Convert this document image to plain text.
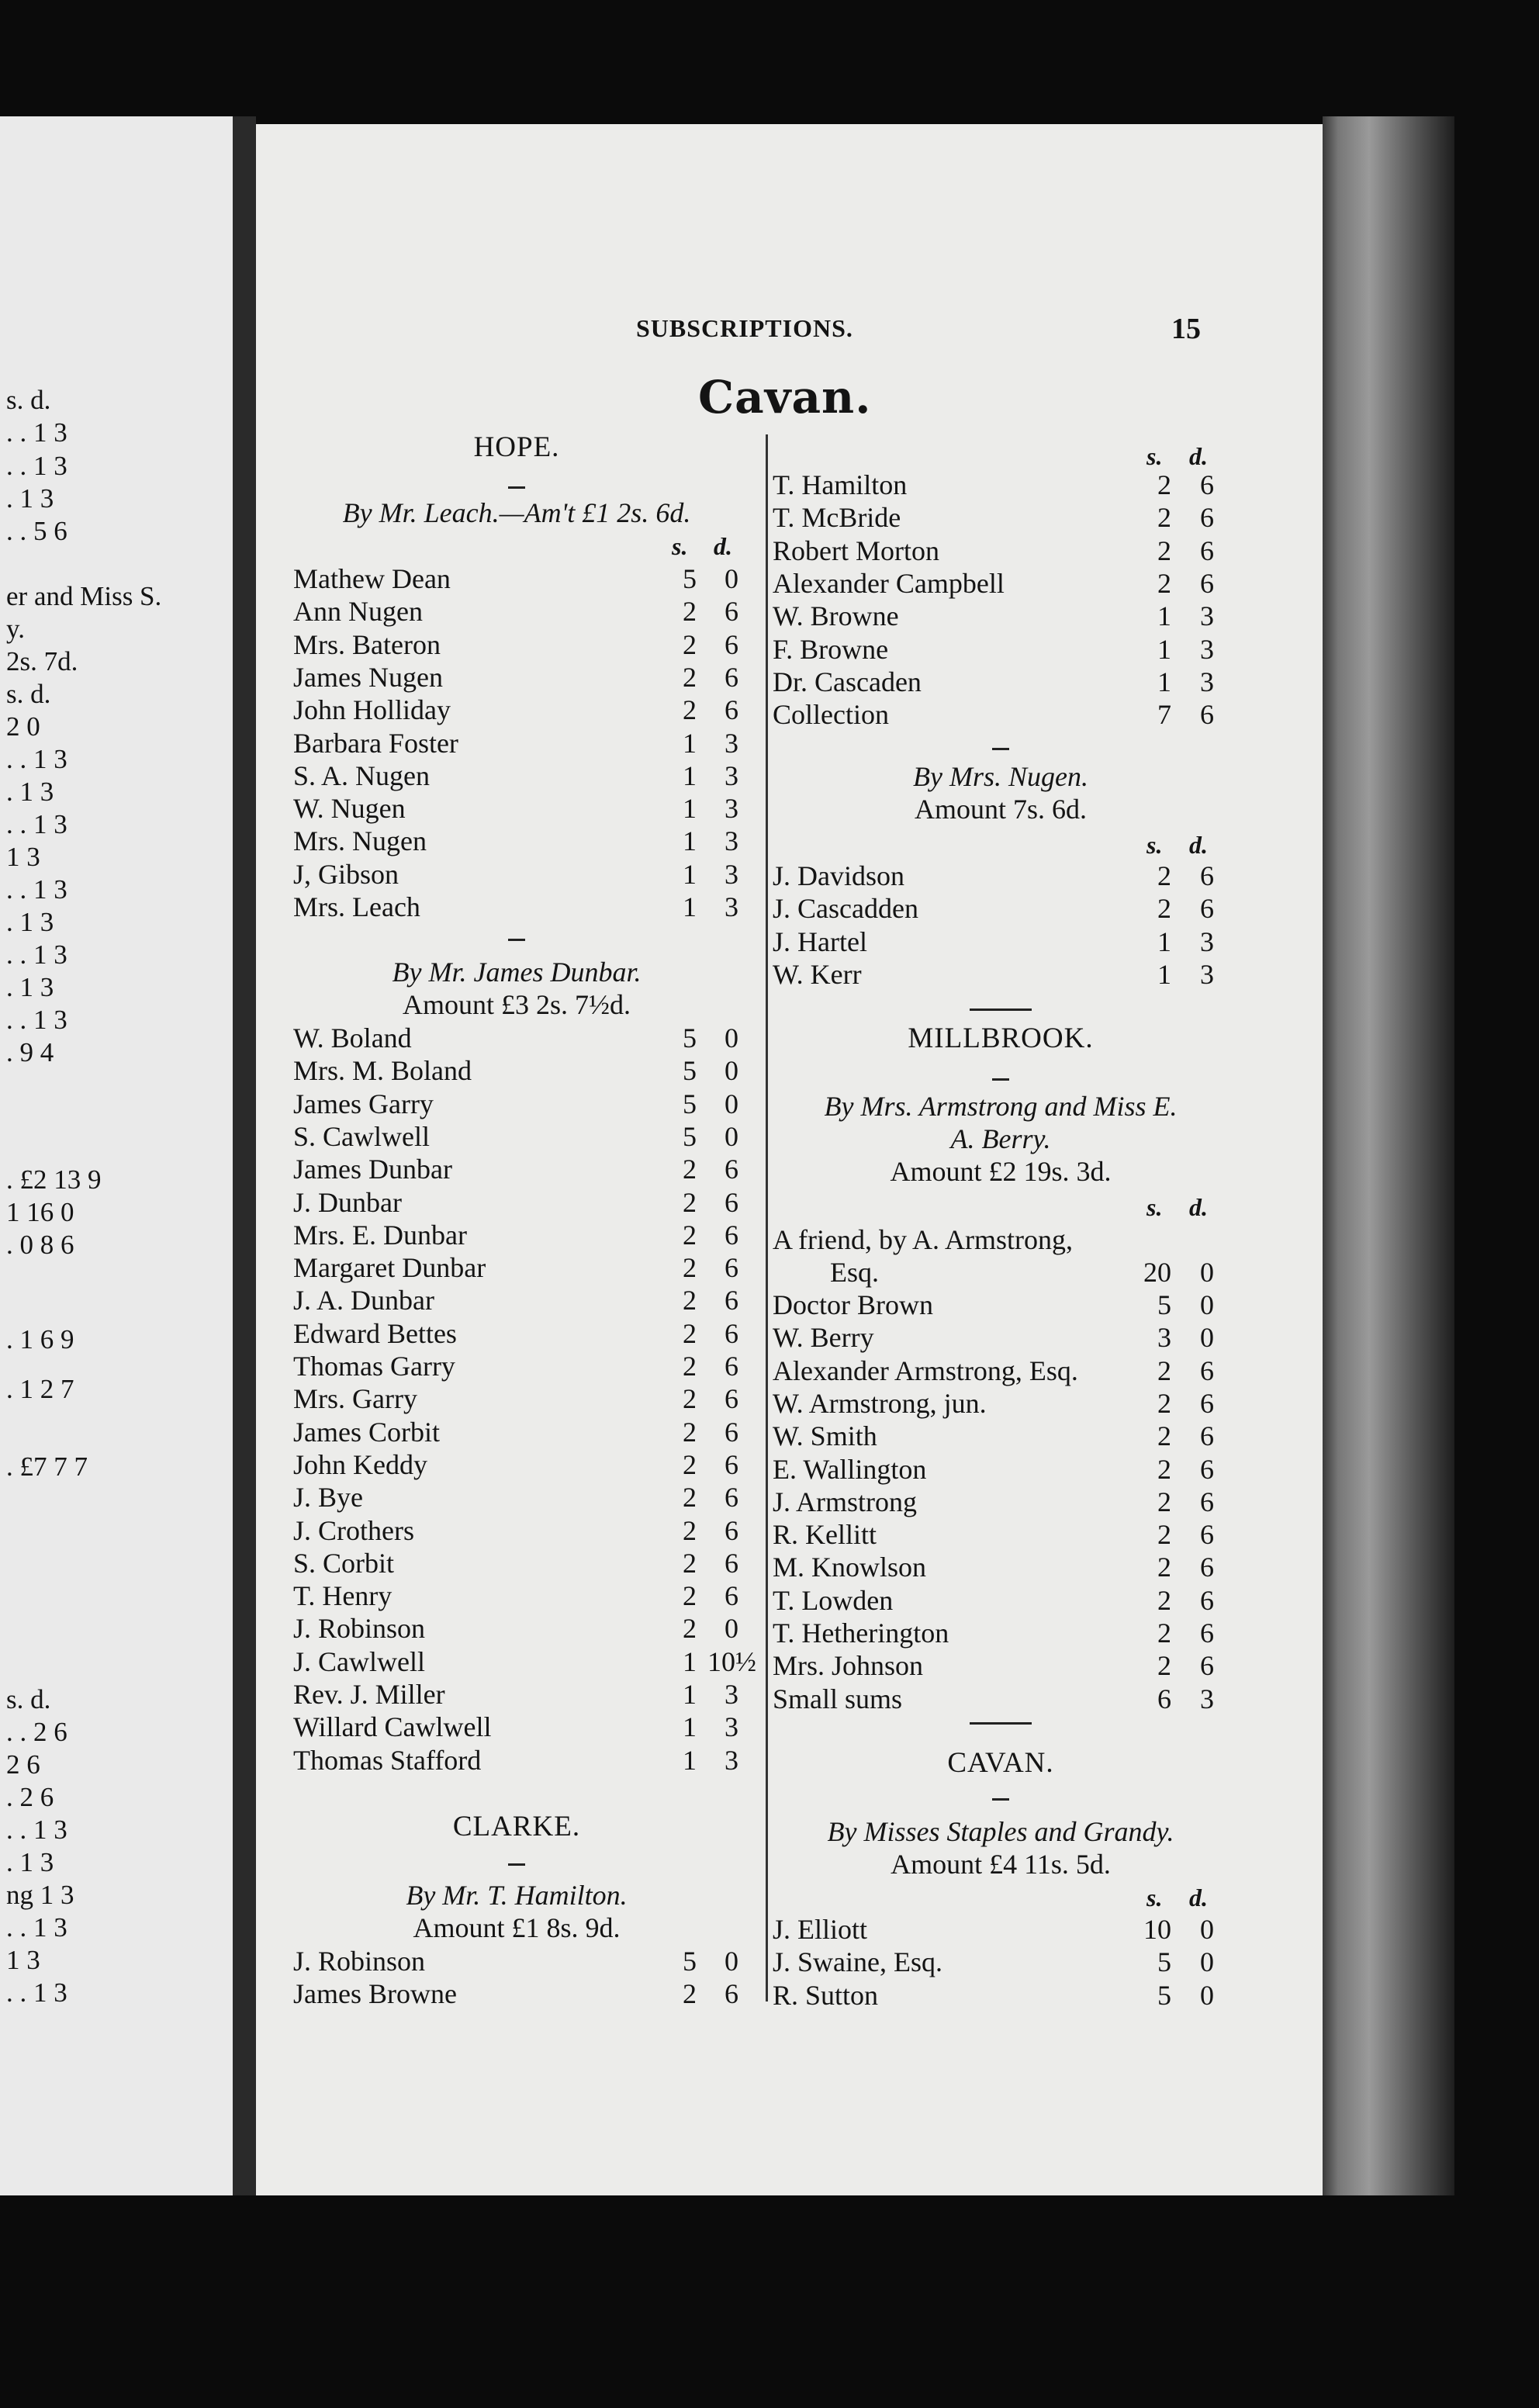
s. d.
. . 1 3
. . 1 3
. 1 3
. . 5 6
er and Miss S.
y.
2s. 7d.
s. d.
2 0
. . 1 3
. 1 3
. . 1 3
1 3
. . 1 3
. 1 3
. . 1 3
. 1 3
. . 1 3
. 9 4
. £2 13 9
1 16 0
. 0 8 6
. 1 6 9
. 1 2 7
. £7 7 7
s. d.
. . 2 6
2 6
. 2 6
. . 1 3
. 1 3
ng 1 3
. . 1 3
1 3
. . 1 3
SUBSCRIPTIONS.	15
Cavan.
HOPE.
By Mr. Leach.—Am't £1 2s. 6d.
s. d.
Mathew Dean	5	0
Ann Nugen	2	6
Mrs. Bateron	2	6
James Nugen	2	6
John Holliday	2	6
Barbara Foster	1	3
S. A. Nugen	1	3
W. Nugen	1	3
Mrs. Nugen	1	3
J, Gibson	1	3
Mrs. Leach	1	3
By Mr. James Dunbar.
Amount £3 2s. 7½d.
W. Boland	5	0
Mrs. M. Boland	5	0
James Garry	5	0
S. Cawlwell	5	0
James Dunbar	2	6
J. Dunbar	2	6
Mrs. E. Dunbar	2	6
Margaret Dunbar	2	6
J. A. Dunbar	2	6
Edward Bettes	2	6
Thomas Garry	2	6
Mrs. Garry	2	6
James Corbit	2	6
John Keddy	2	6
J. Bye	2	6
J. Crothers	2	6
S. Corbit	2	6
T. Henry	2	6
J. Robinson	2	0
J. Cawlwell	1 10½
Rev. J. Miller	1	3
Willard Cawlwell	1	3
Thomas Stafford	1	3
CLARKE.
By Mr. T. Hamilton.
Amount £1 8s. 9d.
J. Robinson	5	0
James Browne	2	6
s. d.
T. Hamilton	2	6
T. McBride	2	6
Robert Morton	2	6
Alexander Campbell	2	6
W. Browne	1	3
F. Browne	1	3
Dr. Cascaden	1	3
Collection	7	6
By Mrs. Nugen.
Amount 7s. 6d.
s. d.
J. Davidson	2	6
J. Cascadden	2	6
J. Hartel	1	3
W. Kerr	1	3
MILLBROOK.
By Mrs. Armstrong and Miss E.
A. Berry.
Amount £2 19s. 3d.
s. d.
A friend, by A. Armstrong,
Esq.	20	0
Doctor Brown	5	0
W. Berry	3	0
Alexander Armstrong, Esq.	2	6
W. Armstrong, jun.	2	6
W. Smith	2	6
E. Wallington	2	6
J. Armstrong	2	6
R. Kellitt	2	6
M. Knowlson	2	6
T. Lowden	2	6
T. Hetherington	2	6
Mrs. Johnson	2	6
Small sums	6	3
CAVAN.
By Misses Staples and Grandy.
Amount £4 11s. 5d.
s. d.
J. Elliott	10	0
J. Swaine, Esq.	5	0
R. Sutton	5	0
